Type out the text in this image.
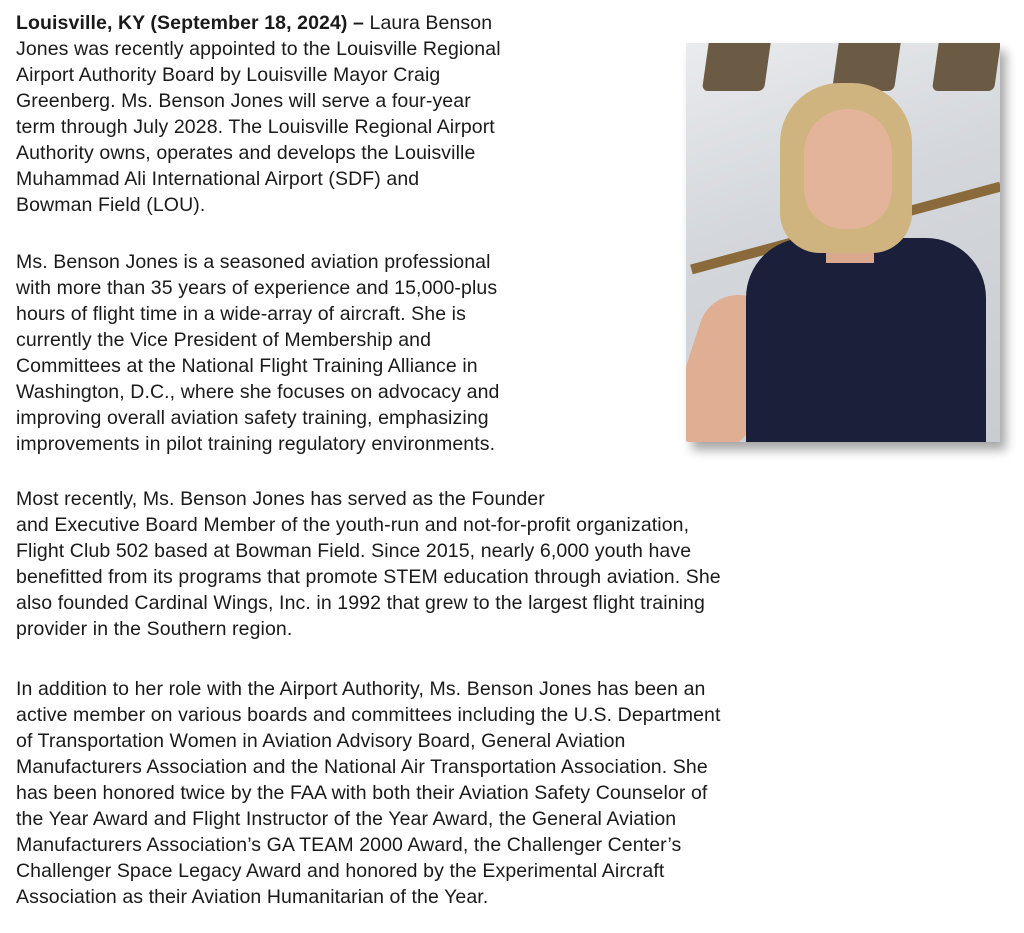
Louisville, KY (September 18, 2024) – Laura Benson
Jones was recently appointed to the Louisville Regional
Airport Authority Board by Louisville Mayor Craig
Greenberg. Ms. Benson Jones will serve a four-year
term through July 2028. The Louisville Regional Airport
Authority owns, operates and develops the Louisville
Muhammad Ali International Airport (SDF) and
Bowman Field (LOU).
Ms. Benson Jones is a seasoned aviation professional
with more than 35 years of experience and 15,000-plus
hours of flight time in a wide-array of aircraft. She is
currently the Vice President of Membership and
Committees at the National Flight Training Alliance in
Washington, D.C., where she focuses on advocacy and
improving overall aviation safety training, emphasizing
improvements in pilot training regulatory environments.
Most recently, Ms. Benson Jones has served as the Founder
and Executive Board Member of the youth-run and not-for-profit organization,
Flight Club 502 based at Bowman Field. Since 2015, nearly 6,000 youth have
benefitted from its programs that promote STEM education through aviation. She
also founded Cardinal Wings, Inc. in 1992 that grew to the largest flight training
provider in the Southern region.
In addition to her role with the Airport Authority, Ms. Benson Jones has been an
active member on various boards and committees including the U.S. Department
of Transportation Women in Aviation Advisory Board, General Aviation
Manufacturers Association and the National Air Transportation Association. She
has been honored twice by the FAA with both their Aviation Safety Counselor of
the Year Award and Flight Instructor of the Year Award, the General Aviation
Manufacturers Association’s GA TEAM 2000 Award, the Challenger Center’s
Challenger Space Legacy Award and honored by the Experimental Aircraft
Association as their Aviation Humanitarian of the Year.
